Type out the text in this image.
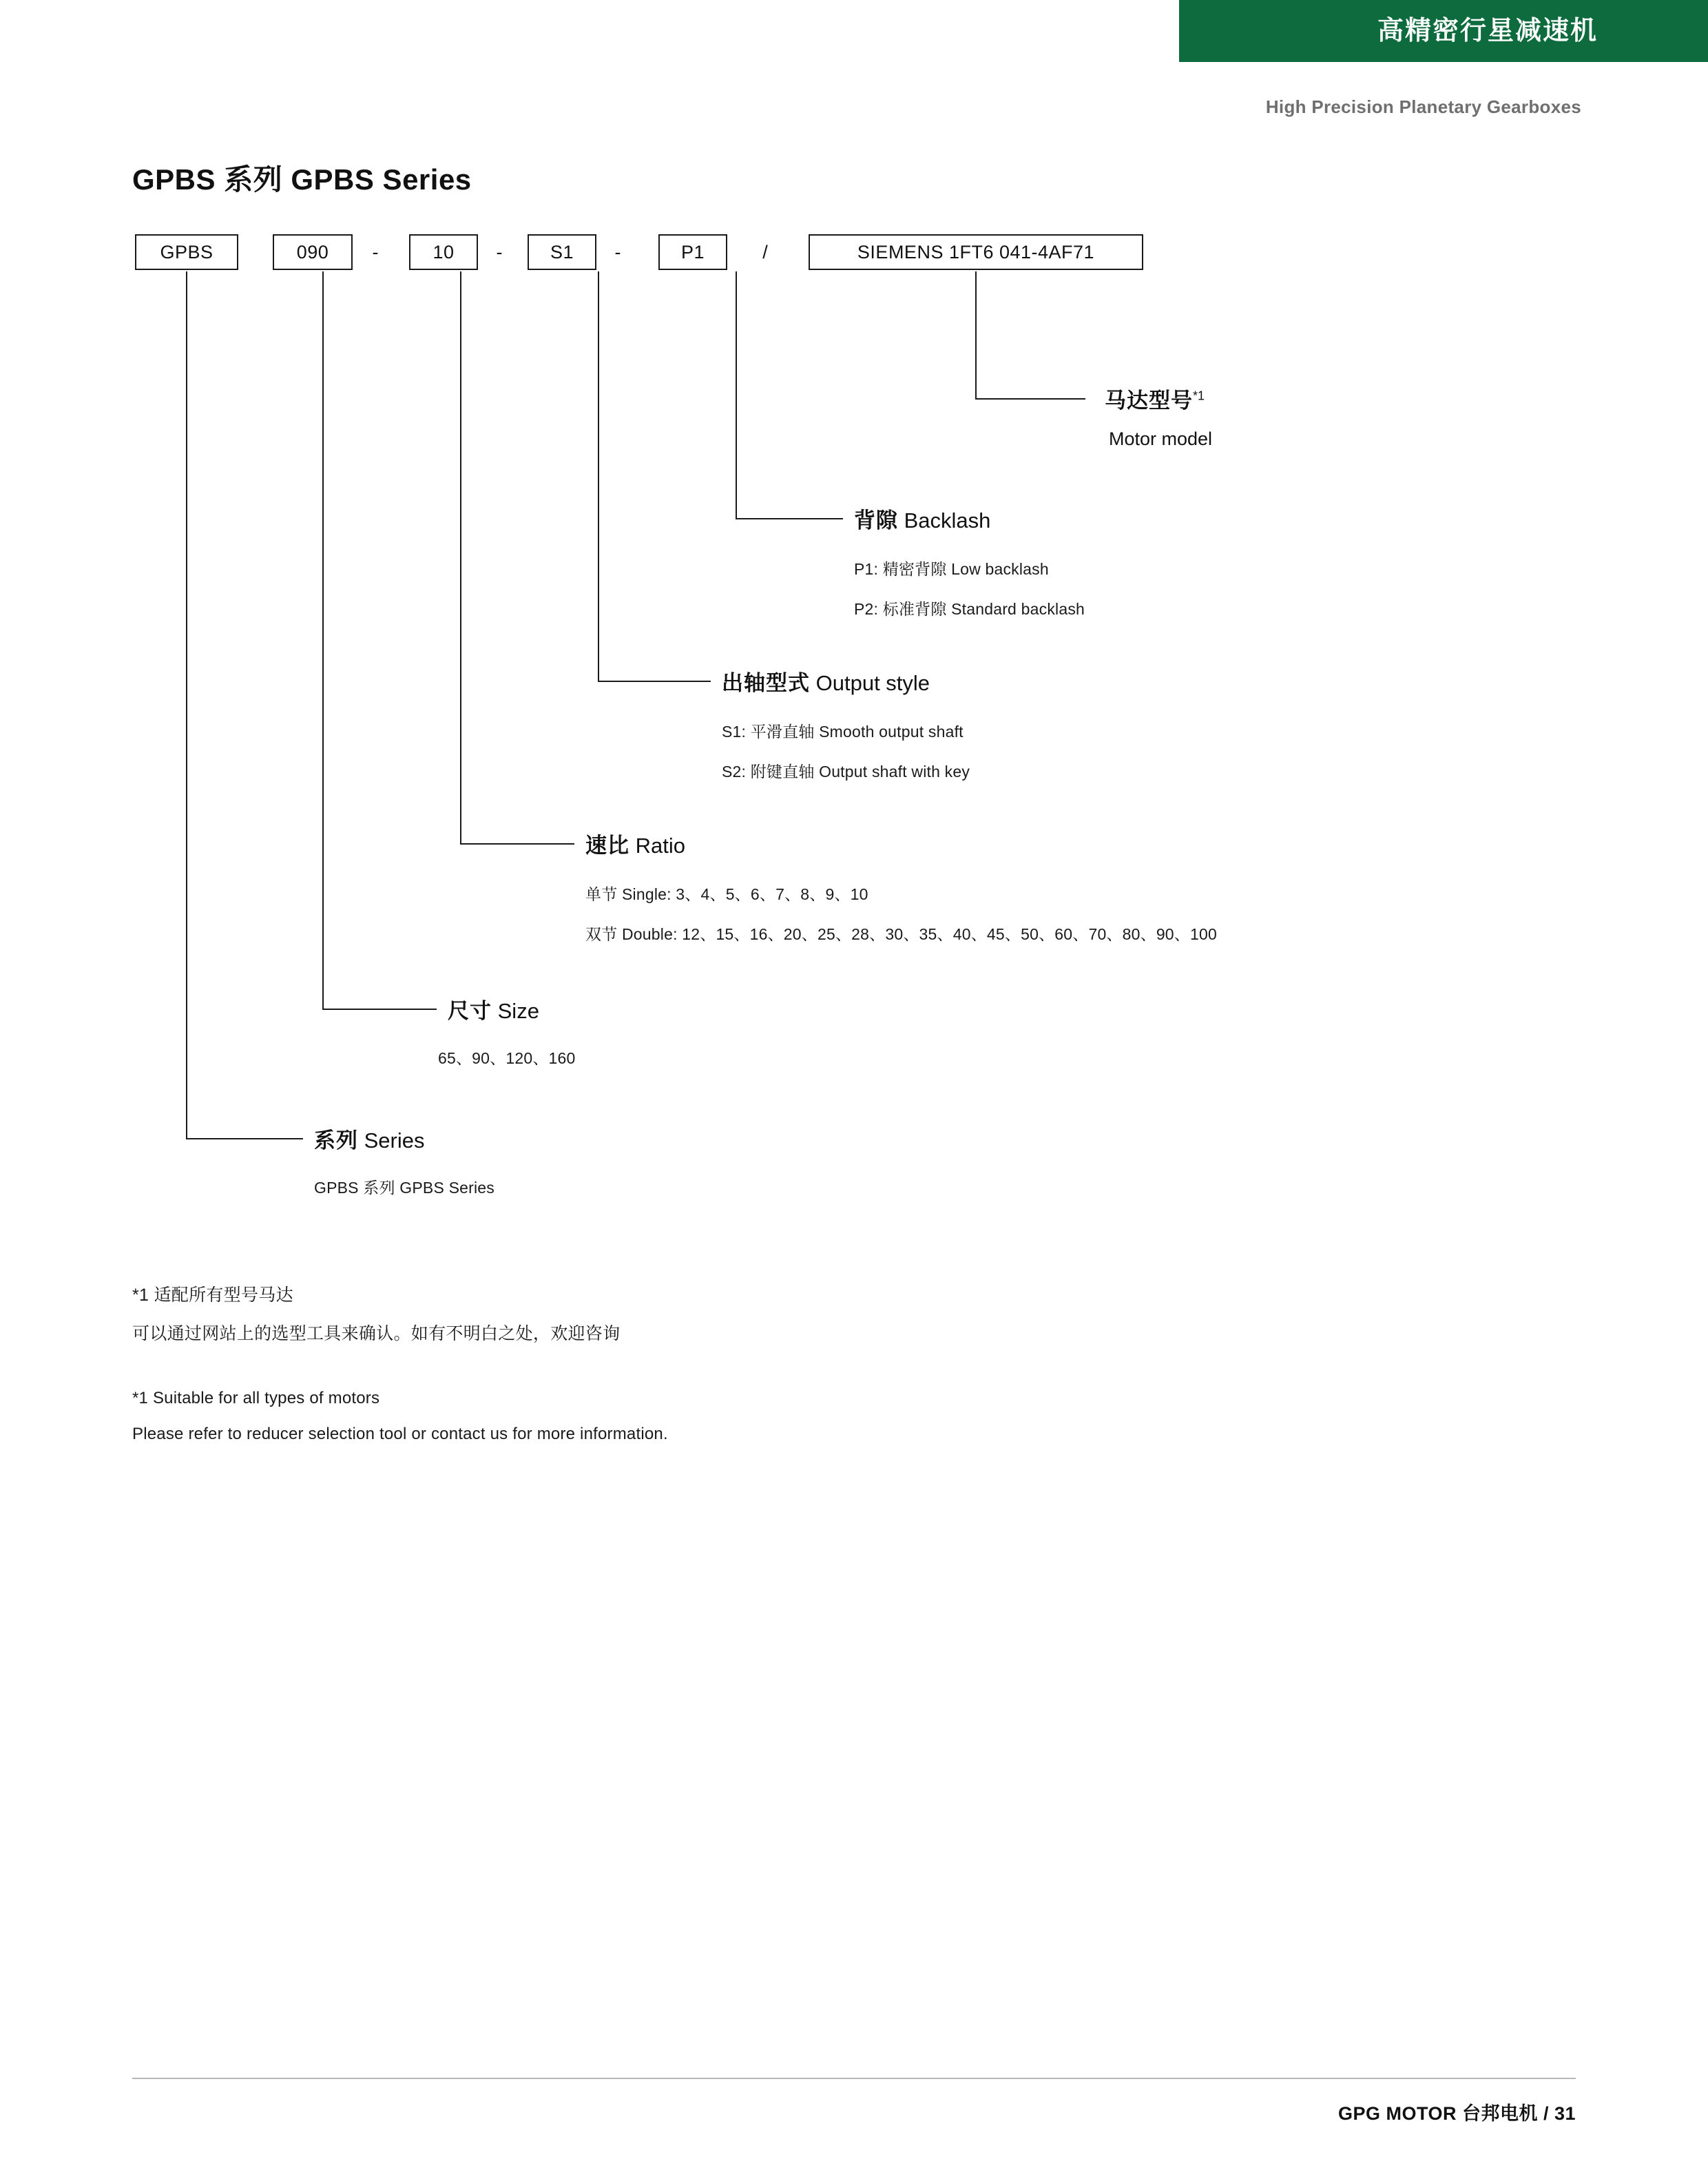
高精密行星减速机
High Precision Planetary Gearboxes
GPBS 系列 GPBS Series
GPBS	-
090	10	-	S1	-	P1	/	SIEMENS 1FT6 041-4AF71
马达型号$^{*1}$
Motor model
背隙 Backlash
P1: 精密背隙 Low backlash
P2: 标准背隙 Standard backlash
出轴型式 Output style
S1: 平滑直轴 Smooth output shaft
S2: 附键直轴 Output shaft with key
速比 Ratio
单节 Single: 3、4、5、6、7、8、9、10
双节 Double: 12、15、16、20、25、28、30、35、40、45、50、60、70、80、90、100
尺寸 Size
65、90、120、160
系列 Series
GPBS 系列 GPBS Series
*1 适配所有型号马达
可以通过网站上的选型工具来确认。如有不明白之处，欢迎咨询
*1 Suitable for all types of motors
Please refer to reducer selection tool or contact us for more information.
GPG MOTOR 台邦电机 / 31
